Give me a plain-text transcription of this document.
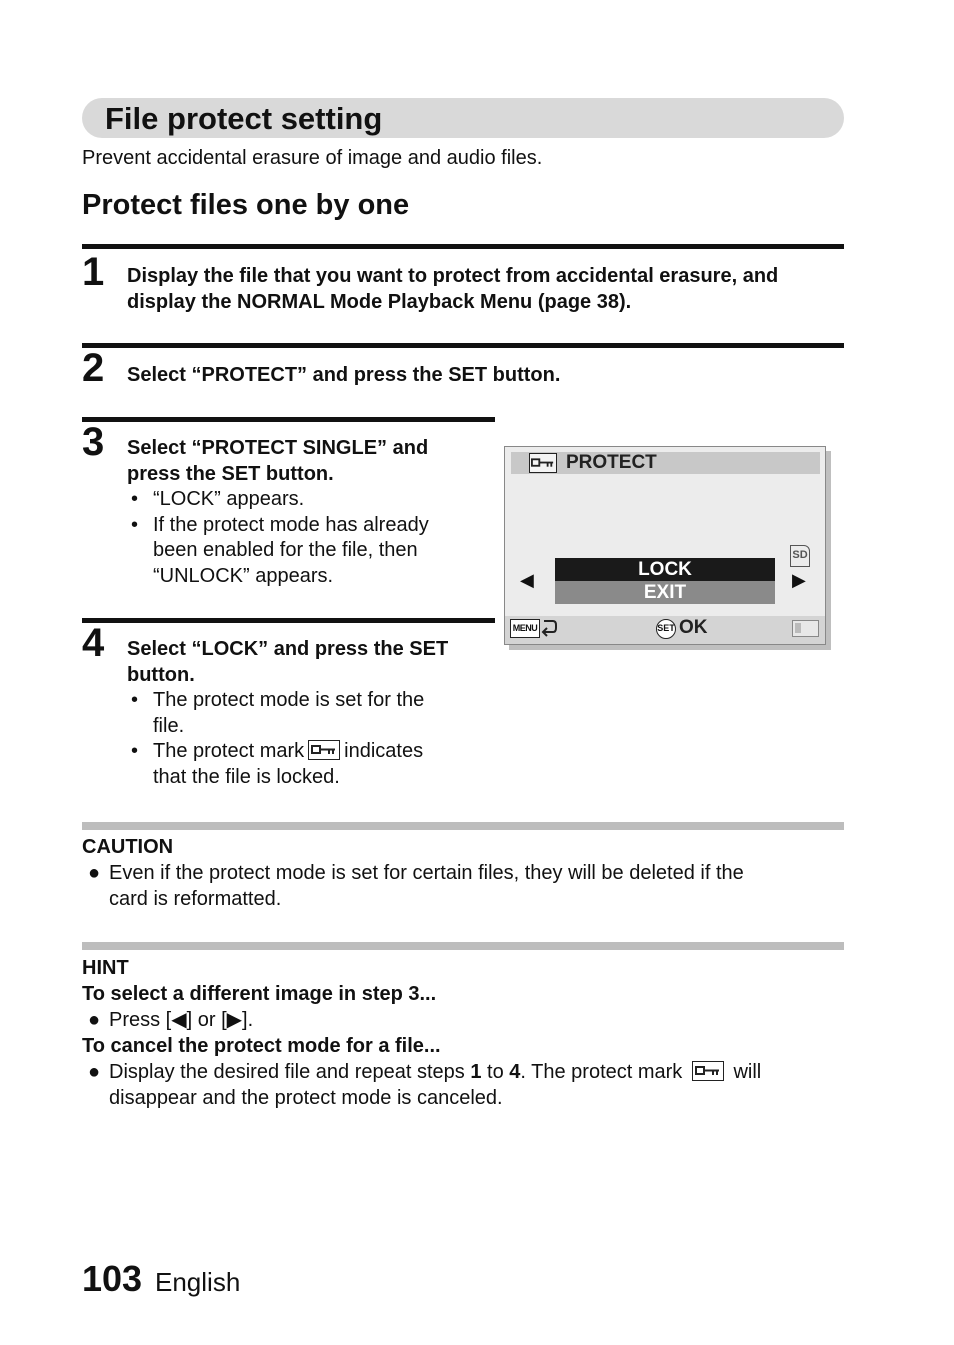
File protect setting
Prevent accidental erasure of image and audio files.
Protect files one by one
1 Display the file that you want to protect from accidental erasure, and
display the NORMAL Mode Playback Menu (page 38).
2 Select “PROTECT” and press the SET button.
3 Select “PROTECT SINGLE” and
press the SET button.
• “LOCK” appears.
• If the protect mode has already
been enabled for the file, then
“UNLOCK” appears.
4 Select “LOCK” and press the SET
button.
• The protect mode is set for the
file.
• The protect mark indicates
that the file is locked.
PROTECT
SD
LOCK
EXIT
◀	▶
MENU	SET OK
CAUTION
● Even if the protect mode is set for certain files, they will be deleted if the
card is reformatted.
HINT
To select a different image in step 3...
● Press [◀] or [▶].
To cancel the protect mode for a file...
● Display the desired file and repeat steps 1 to 4. The protect mark	will
disappear and the protect mode is canceled.
103 English
